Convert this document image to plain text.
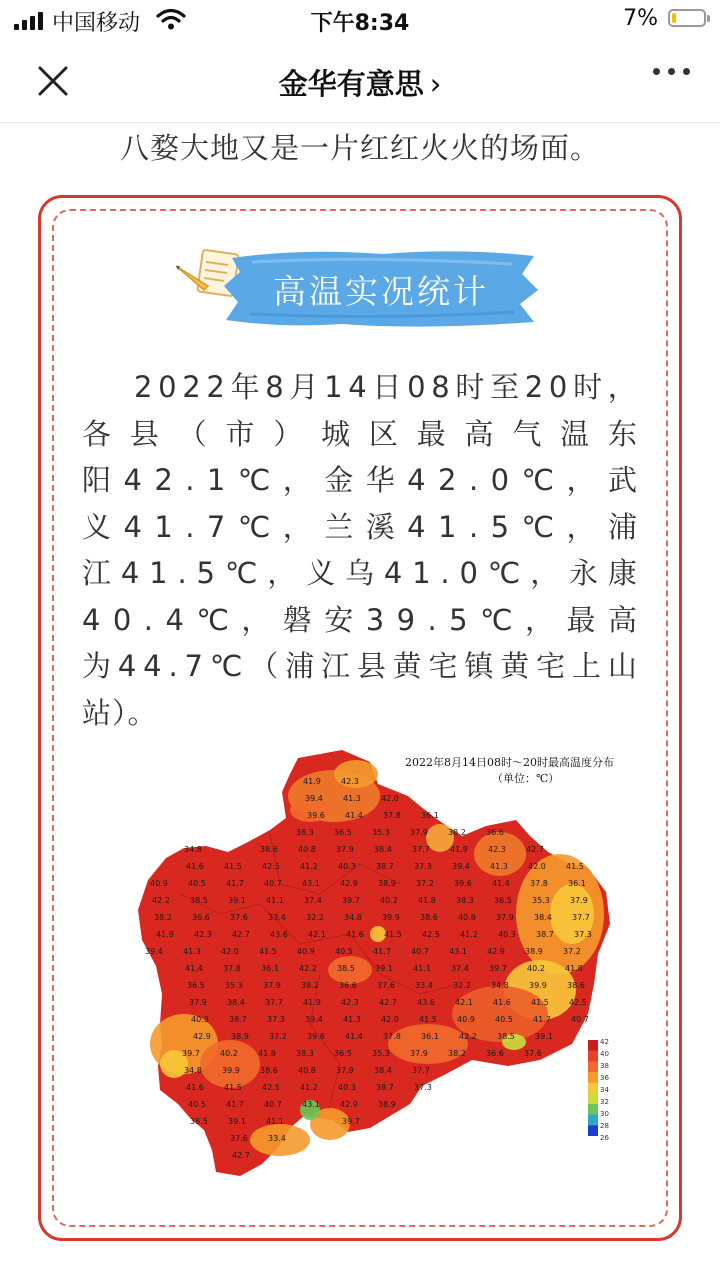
中国移动	下午8:34	7%
金华有意思 ›
八婺大地又是一片红红火火的场面。
高温实况统计
2 0 2 2 年 8 月 1 4 日 0 8 时 至 2 0 时 ，
各 县 （ 市 ） 城 区 最 高 气 温 东
阳 4 2 . 1 ℃ ， 金 华 4 2 . 0 ℃ ， 武
义 4 1 . 7 ℃ ， 兰 溪 4 1 . 5 ℃ ， 浦
江 4 1 . 5 ℃ ， 义 乌 4 1 . 0 ℃ ， 永 康
4 0 . 4 ℃ ， 磐 安 3 9 . 5 ℃ ， 最 高
为 4 4 . 7 ℃ （ 浦 江 县 黄 宅 镇 黄 宅 上 山
站）。
41.9	42.3
39.4	41.3	42.0
39.6	41.4	37.8	36.1
38.3	36.5	35.3	37.9	38.2	36.6
34.8	38.6	40.8	37.9	38.4	37.7	41.9	42.3	42.7
41.6	41.5	42.5	41.2	40.3	38.7	37.3	39.4	41.3	42.0	41.5
40.9	40.5	41.7	40.7	43.1	42.9	38.9	37.2	39.6	41.4	37.8	36.1
42.2	38.5	39.1	41.1	37.4	39.7	40.2	41.8	38.3	36.5	35.3	37.9
38.2	36.6	37.6	33.4	32.2	34.8	39.9	38.6	40.8	37.9	38.4	37.7
41.9	42.3	42.7	43.6	42.1	41.6	41.5	42.5	41.2	40.3	38.7	37.3
39.4	41.3	42.0	41.5	40.9	40.5	41.7	40.7	43.1	42.9	38.9	37.2
41.4	37.8	36.1	42.2	38.5	39.1	41.1	37.4	39.7	40.2	41.8
36.5	35.3	37.9	38.2	36.6	37.6	33.4	32.2	34.8	39.9	38.6
37.9	38.4	37.7	41.9	42.3	42.7	43.6	42.1	41.6	41.5	42.5
40.3	38.7	37.3	39.4	41.3	42.0	41.5	40.9	40.5	41.7	40.7
42.9	38.9	37.2	39.6	41.4	37.8	36.1	42.2	38.5	39.1
39.7	40.2	41.8	38.3	36.5	35.3	37.9	38.2	36.6	37.6
34.8	39.9	38.6	40.8	37.9	38.4	37.7
41.6	41.5	42.5	41.2	40.3	38.7	37.3
40.5	41.7	40.7	43.1	42.9	38.9
38.5	39.1	41.1	39.7
37.6	33.4
42.7
2022年8月14日08时～20时最高温度分布
（单位：℃）
42
40
38
36
34
32
30
28
26
